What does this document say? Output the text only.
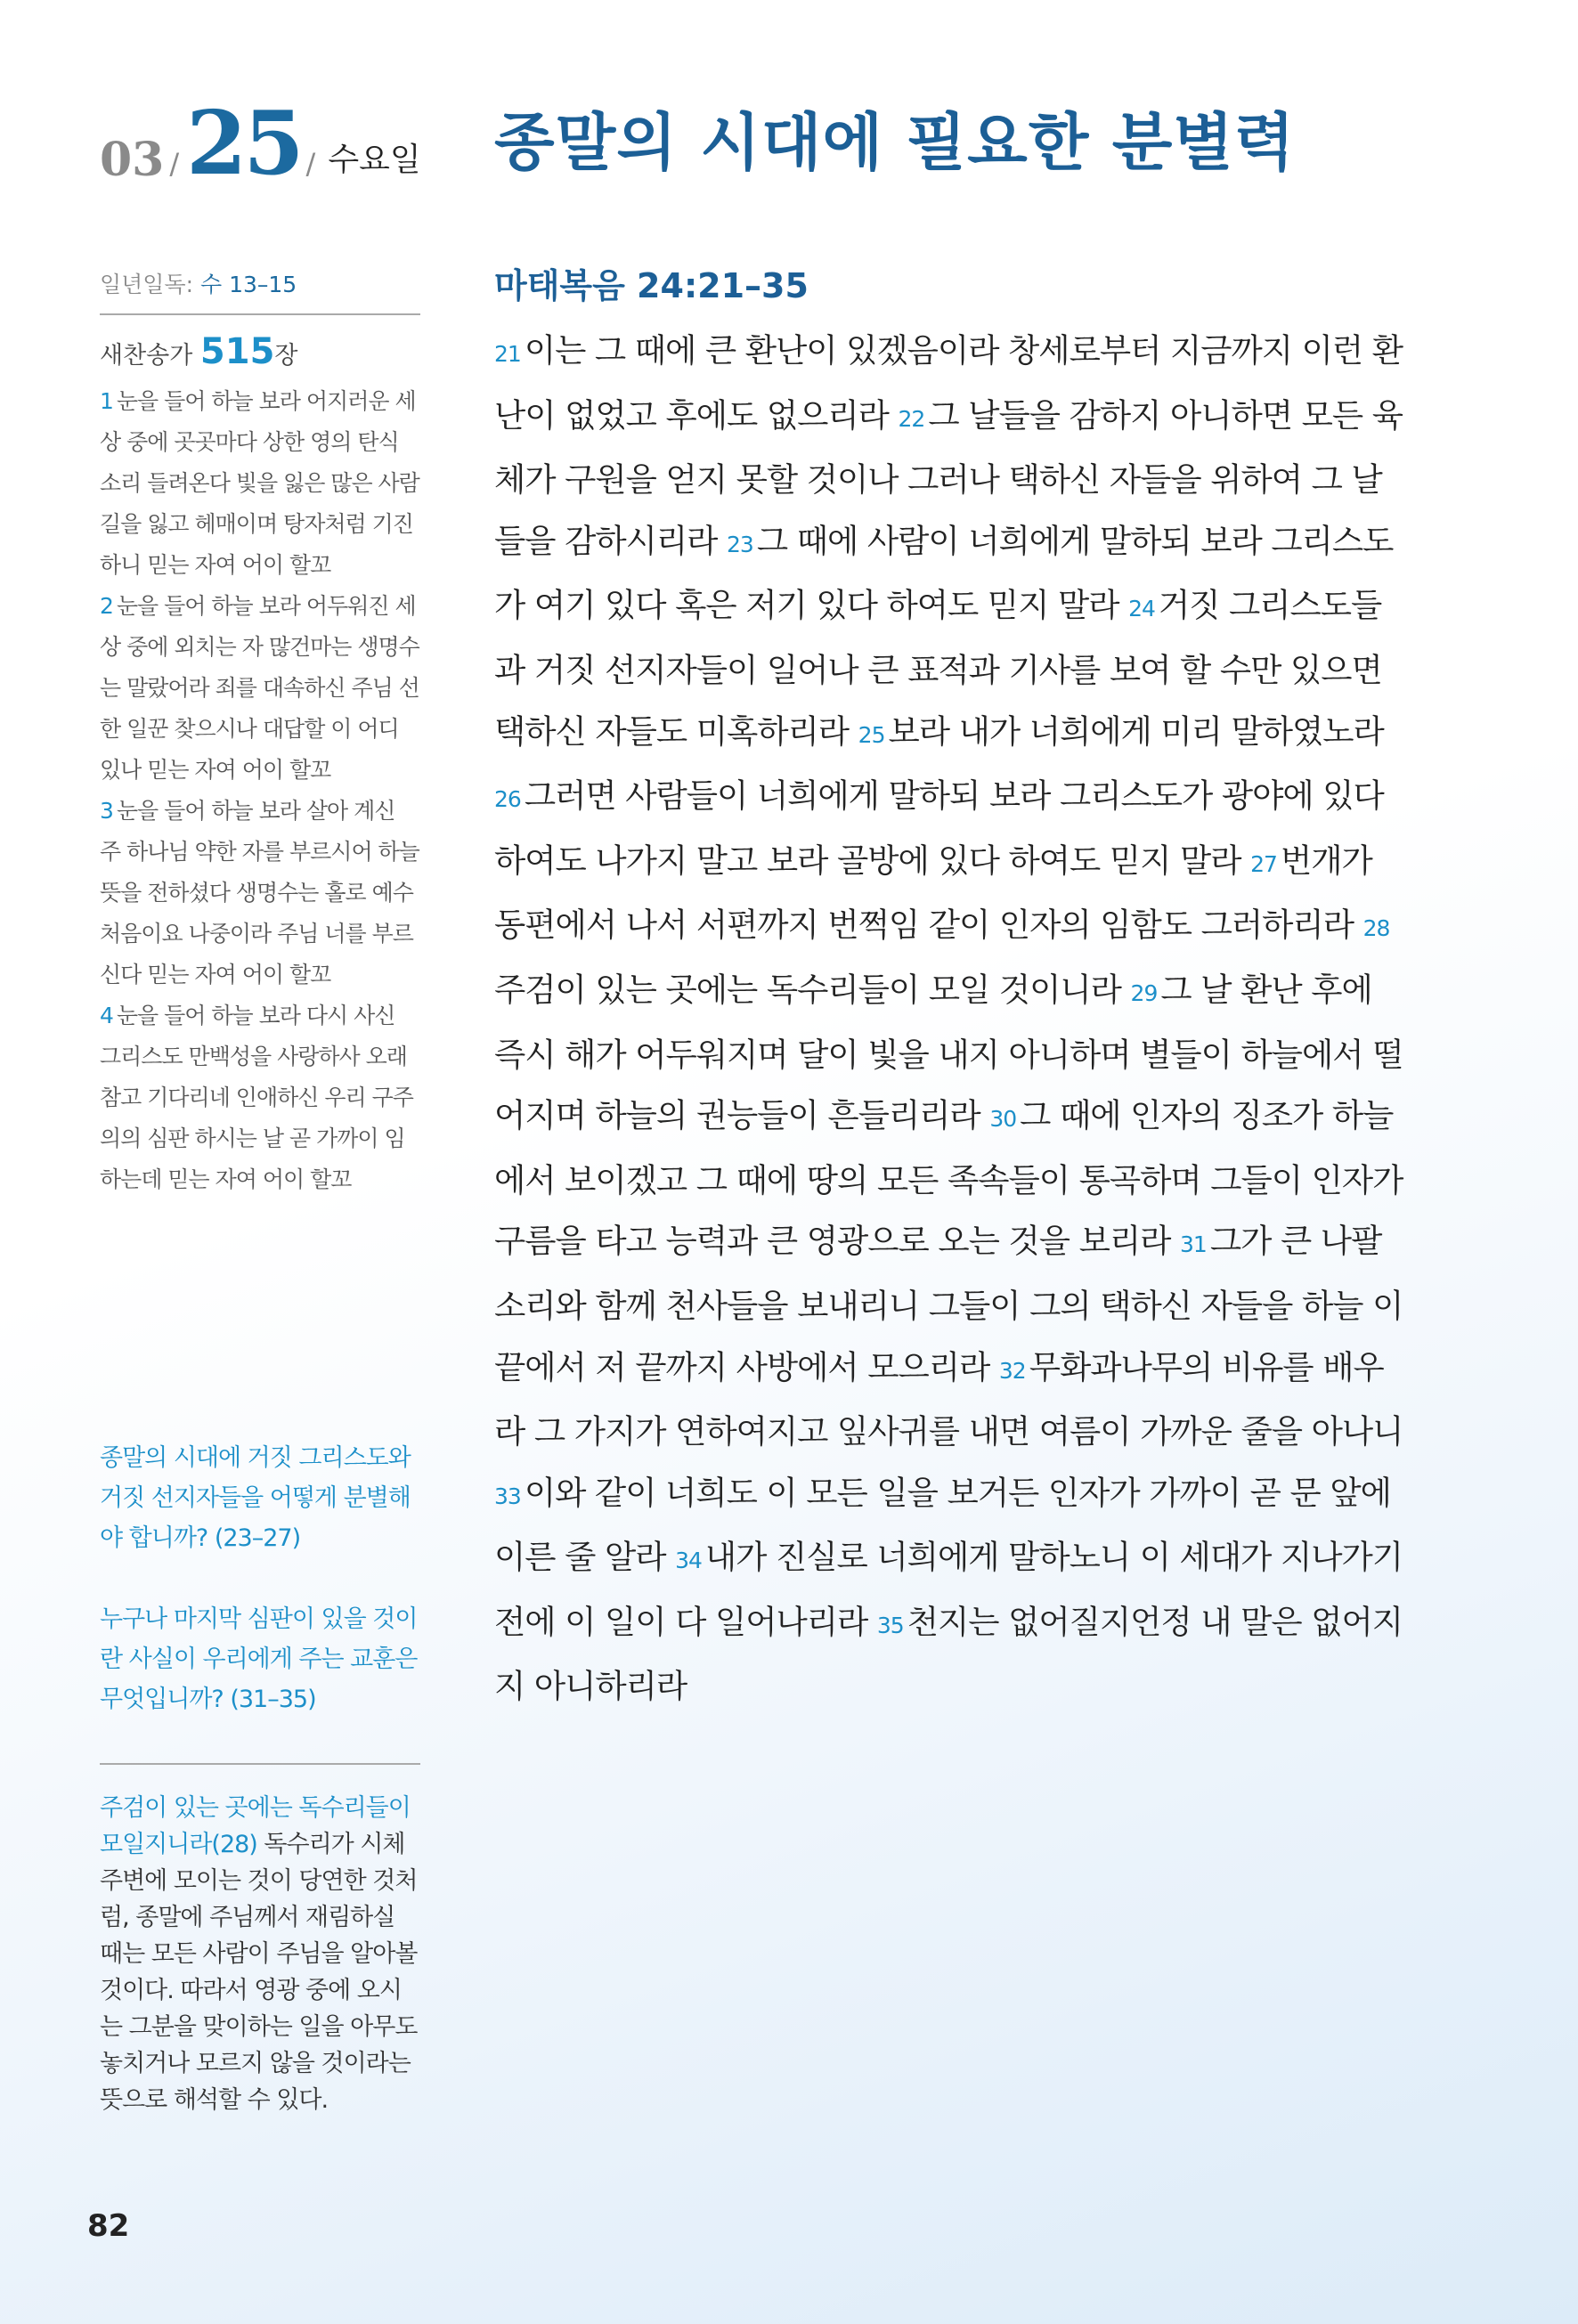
03 / 25 / 수요일 종말의 시대에 필요한 분별력
일년일독: 수 13–15
새찬송가 515장
1 눈을 들어 하늘 보라 어지러운 세상 중에 곳곳마다 상한 영의 탄식 소리 들려온다 빛을 잃은 많은 사람 길을 잃고 헤매이며 탕자처럼 기진하니 믿는 자여 어이 할꼬
2 눈을 들어 하늘 보라 어두워진 세상 중에 외치는 자 많건마는 생명수는 말랐어라 죄를 대속하신 주님 선한 일꾼 찾으시나 대답할 이 어디 있나 믿는 자여 어이 할꼬
3 눈을 들어 하늘 보라 살아 계신 주 하나님 약한 자를 부르시어 하늘 뜻을 전하셨다 생명수는 홀로 예수 처음이요 나중이라 주님 너를 부르신다 믿는 자여 어이 할꼬
4 눈을 들어 하늘 보라 다시 사신 그리스도 만백성을 사랑하사 오래 참고 기다리네 인애하신 우리 구주 의의 심판 하시는 날 곧 가까이 임하는데 믿는 자여 어이 할꼬
종말의 시대에 거짓 그리스도와 거짓 선지자들을 어떻게 분별해야 합니까? (23–27)
누구나 마지막 심판이 있을 것이란 사실이 우리에게 주는 교훈은 무엇입니까? (31–35)
주검이 있는 곳에는 독수리들이 모일지니라(28) 독수리가 시체 주변에 모이는 것이 당연한 것처럼, 종말에 주님께서 재림하실 때는 모든 사람이 주님을 알아볼 것이다. 따라서 영광 중에 오시는 그분을 맞이하는 일을 아무도 놓치거나 모르지 않을 것이라는 뜻으로 해석할 수 있다.
82
마태복음 24:21–35
21 이는 그 때에 큰 환난이 있겠음이라 창세로부터 지금까지 이런 환난이 없었고 후에도 없으리라 22 그 날들을 감하지 아니하면 모든 육체가 구원을 얻지 못할 것이나 그러나 택하신 자들을 위하여 그 날들을 감하시리라 23 그 때에 사람이 너희에게 말하되 보라 그리스도가 여기 있다 혹은 저기 있다 하여도 믿지 말라 24 거짓 그리스도들과 거짓 선지자들이 일어나 큰 표적과 기사를 보여 할 수만 있으면 택하신 자들도 미혹하리라 25 보라 내가 너희에게 미리 말하였노라 26 그러면 사람들이 너희에게 말하되 보라 그리스도가 광야에 있다 하여도 나가지 말고 보라 골방에 있다 하여도 믿지 말라 27 번개가 동편에서 나서 서편까지 번쩍임 같이 인자의 임함도 그러하리라 28주검이 있는 곳에는 독수리들이 모일 것이니라 29 그 날 환난 후에 즉시 해가 어두워지며 달이 빛을 내지 아니하며 별들이 하늘에서 떨어지며 하늘의 권능들이 흔들리리라 30 그 때에 인자의 징조가 하늘에서 보이겠고 그 때에 땅의 모든 족속들이 통곡하며 그들이 인자가 구름을 타고 능력과 큰 영광으로 오는 것을 보리라 31 그가 큰 나팔소리와 함께 천사들을 보내리니 그들이 그의 택하신 자들을 하늘 이 끝에서 저 끝까지 사방에서 모으리라 32 무화과나무의 비유를 배우라 그 가지가 연하여지고 잎사귀를 내면 여름이 가까운 줄을 아나니 33 이와 같이 너희도 이 모든 일을 보거든 인자가 가까이 곧 문 앞에 이른 줄 알라 34 내가 진실로 너희에게 말하노니 이 세대가 지나가기 전에 이 일이 다 일어나리라 35 천지는 없어질지언정 내 말은 없어지지 아니하리라
